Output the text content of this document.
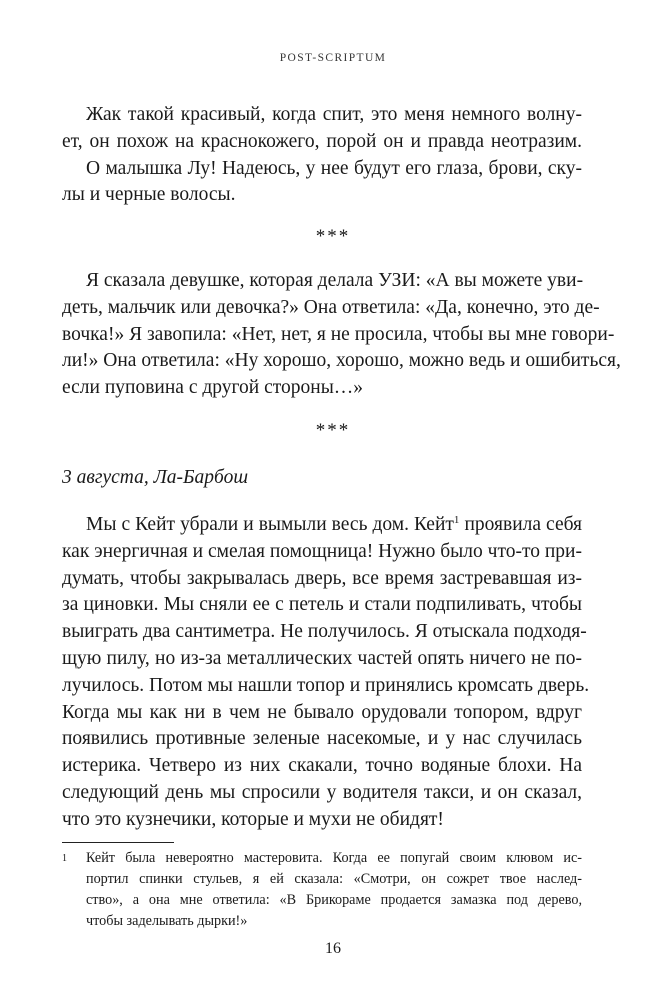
POST-SCRIPTUM
Жак такой красивый, когда спит, это меня немного волну-
ет, он похож на краснокожего, порой он и правда неотразим.
О малышка Лу! Надеюсь, у нее будут его глаза, брови, ску-
лы и черные волосы.
***
Я сказала девушке, которая делала УЗИ: «А вы можете уви-
деть, мальчик или девочка?» Она ответила: «Да, конечно, это де-
вочка!» Я завопила: «Нет, нет, я не просила, чтобы вы мне говори-
ли!» Она ответила: «Ну хорошо, хорошо, можно ведь и ошибиться,
если пуповина с другой стороны…»
***
3 августа, Ла-Барбош
Мы с Кейт убрали и вымыли весь дом. Кейт$^1$ проявила себя
как энергичная и смелая помощница! Нужно было что-то при-
думать, чтобы закрывалась дверь, все время застревавшая из-
за циновки. Мы сняли ее с петель и стали подпиливать, чтобы
выиграть два сантиметра. Не получилось. Я отыскала подходя-
щую пилу, но из-за металлических частей опять ничего не по-
лучилось. Потом мы нашли топор и принялись кромсать дверь.
Когда мы как ни в чем не бывало орудовали топором, вдруг
появились противные зеленые насекомые, и у нас случилась
истерика. Четверо из них скакали, точно водяные блохи. На
следующий день мы спросили у водителя такси, и он сказал,
что это кузнечики, которые и мухи не обидят!
1 Кейт была невероятно мастеровита. Когда ее попугай своим клювом ис-
портил спинки стульев, я ей сказала: «Смотри, он сожрет твое наслед-
ство», а она мне ответила: «В Брикораме продается замазка под дерево,
чтобы заделывать дырки!»
16
